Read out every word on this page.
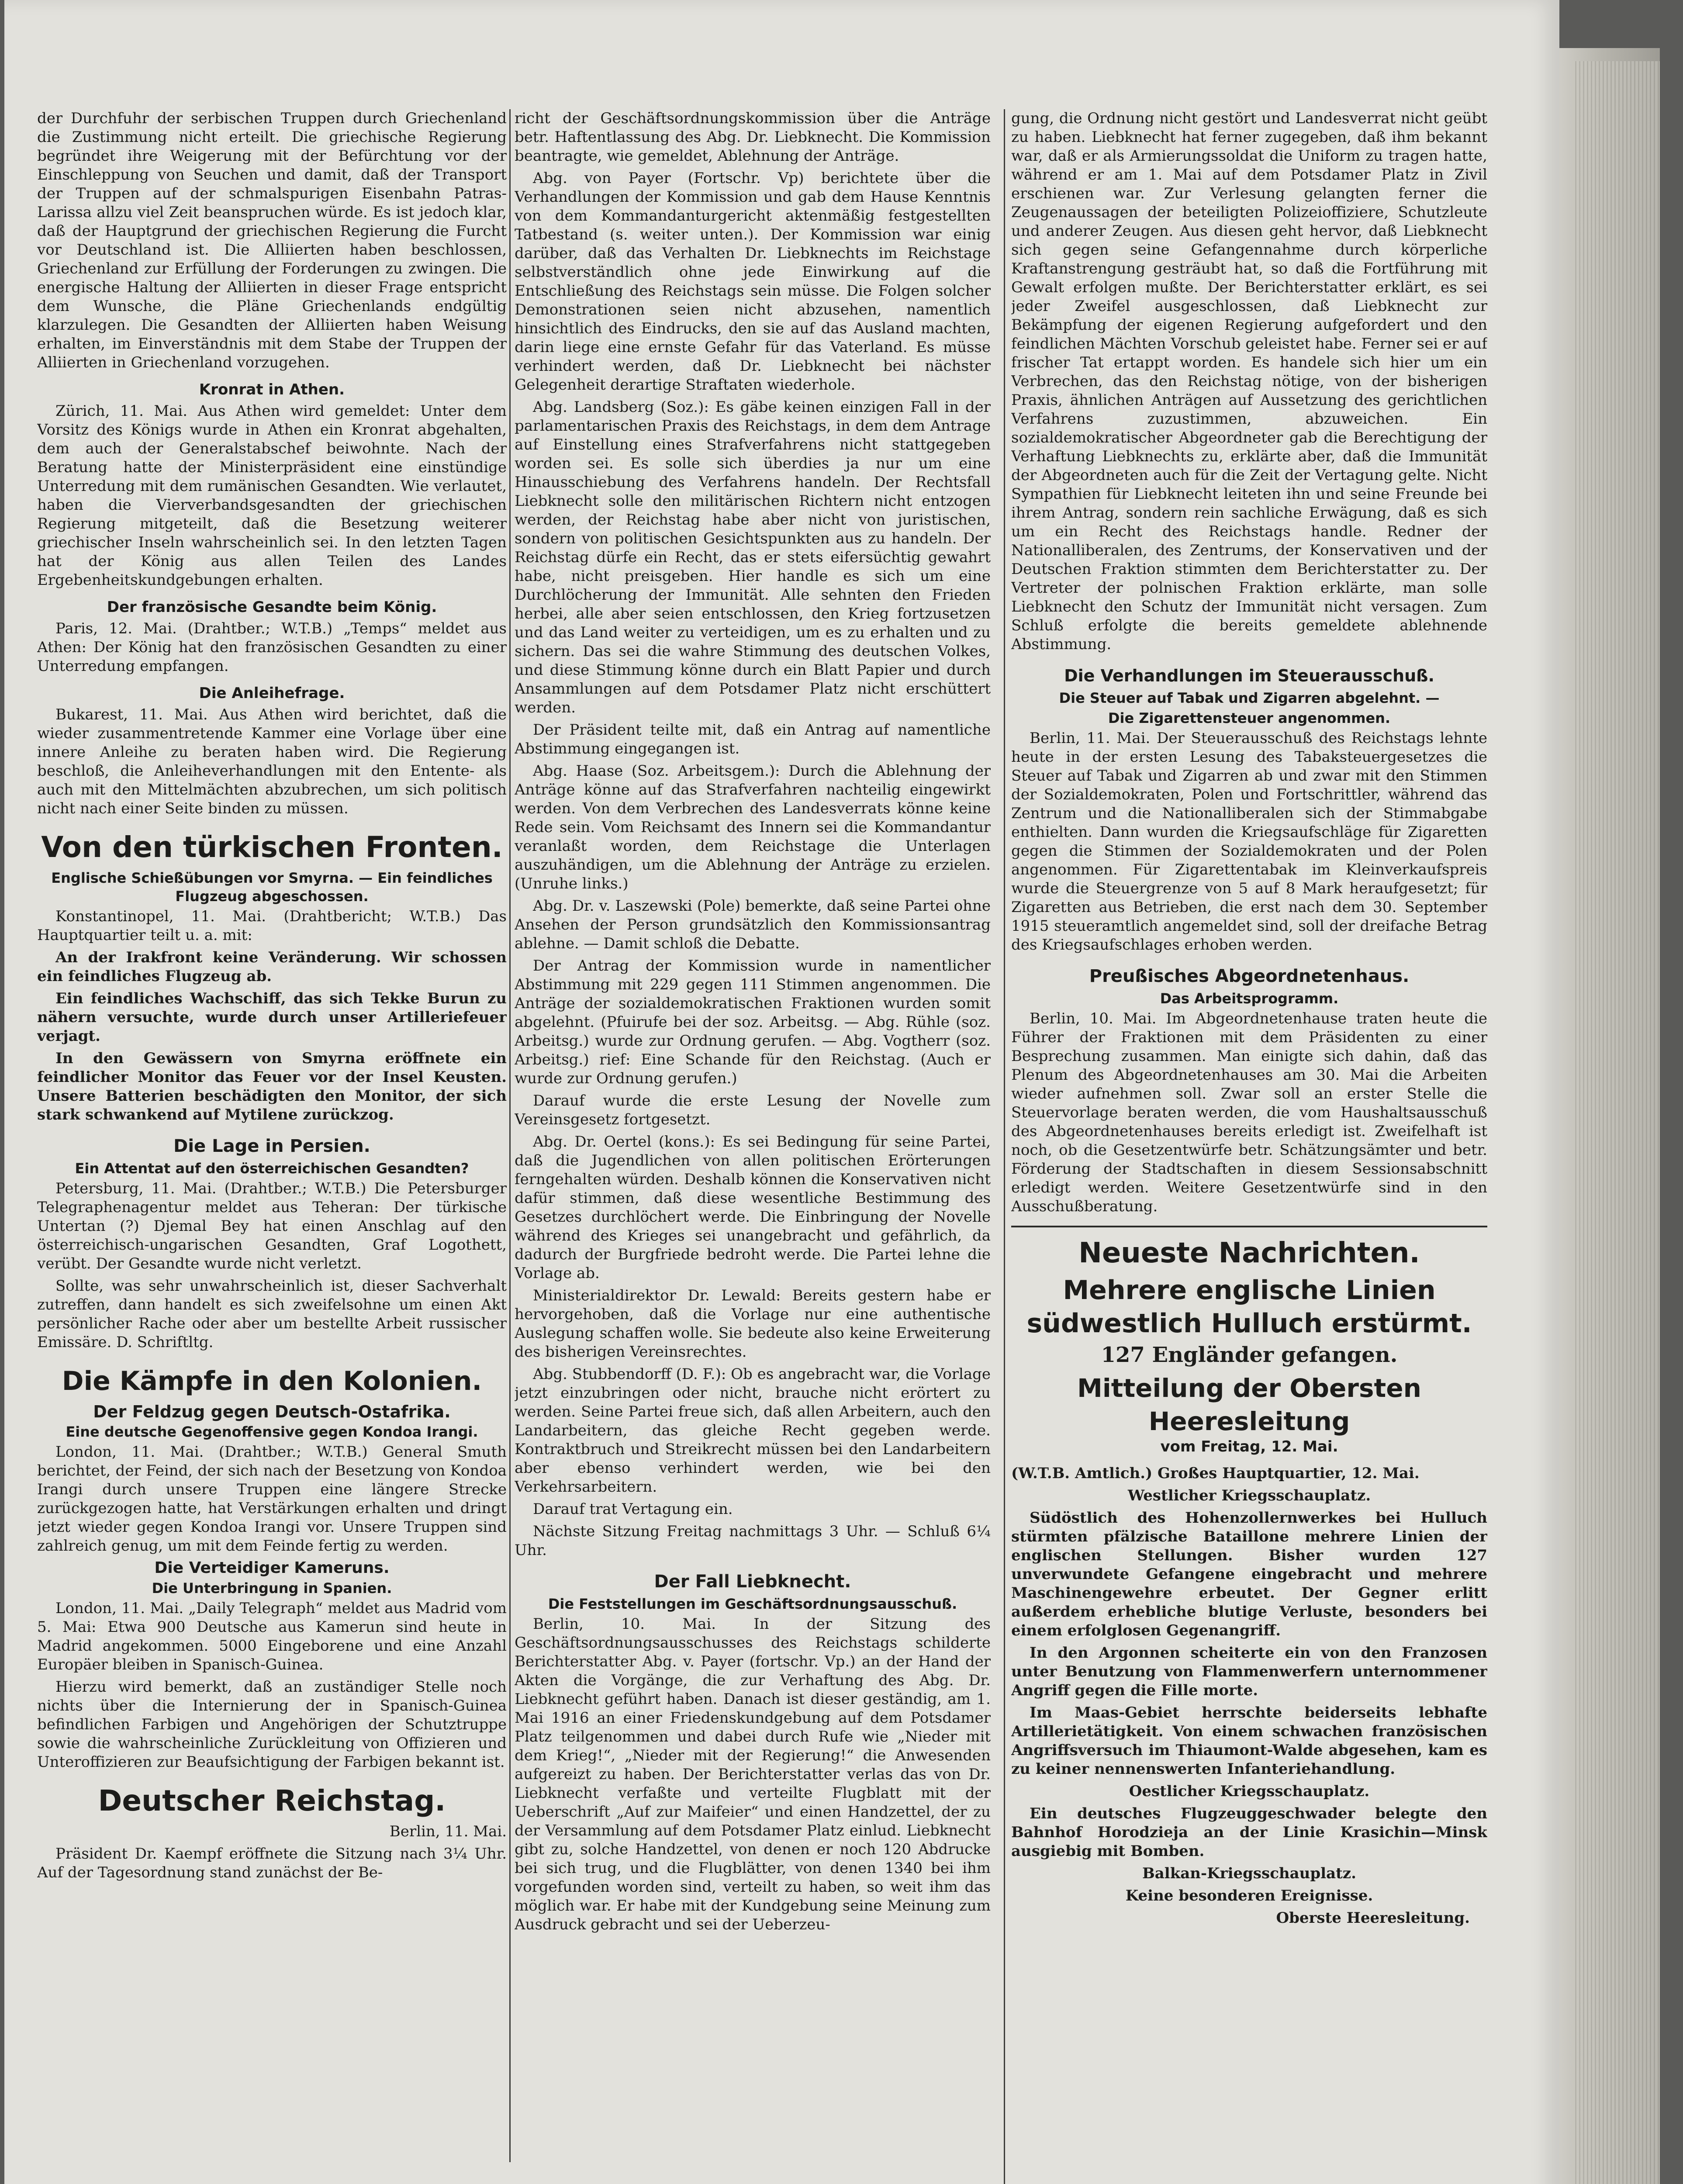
der Durchfuhr der serbischen Truppen durch Griechenland die Zustimmung nicht erteilt. Die griechische Regierung begründet ihre Weigerung mit der Befürchtung vor der Einschleppung von Seuchen und damit, daß der Transport der Truppen auf der schmalspurigen Eisenbahn Patras-Larissa allzu viel Zeit beanspruchen würde. Es ist jedoch klar, daß der Hauptgrund der griechischen Regierung die Furcht vor Deutschland ist. Die Alliierten haben beschlossen, Griechenland zur Erfüllung der Forderungen zu zwingen. Die energische Haltung der Alliierten in dieser Frage entspricht dem Wunsche, die Pläne Griechenlands endgültig klarzulegen. Die Gesandten der Alliierten haben Weisung erhalten, im Einverständnis mit dem Stabe der Truppen der Alliierten in Griechenland vorzugehen.

Kronrat in Athen.

Zürich, 11. Mai. Aus Athen wird gemeldet: Unter dem Vorsitz des Königs wurde in Athen ein Kronrat abgehalten, dem auch der Generalstabschef beiwohnte. Nach der Beratung hatte der Ministerpräsident eine einstündige Unterredung mit dem rumänischen Gesandten. Wie verlautet, haben die Vierverbandsgesandten der griechischen Regierung mitgeteilt, daß die Besetzung weiterer griechischer Inseln wahrscheinlich sei. In den letzten Tagen hat der König aus allen Teilen des Landes Ergebenheitskundgebungen erhalten.

Der französische Gesandte beim König.

Paris, 12. Mai. (Drahtber.; W.T.B.) „Temps“ meldet aus Athen: Der König hat den französischen Gesandten zu einer Unterredung empfangen.

Die Anleihefrage.

Bukarest, 11. Mai. Aus Athen wird berichtet, daß die wieder zusammentretende Kammer eine Vorlage über eine innere Anleihe zu beraten haben wird. Die Regierung beschloß, die Anleiheverhandlungen mit den Entente- als auch mit den Mittelmächten abzubrechen, um sich politisch nicht nach einer Seite binden zu müssen.

Von den türkischen Fronten.
Englische Schießübungen vor Smyrna. — Ein feindliches Flugzeug abgeschossen.

Konstantinopel, 11. Mai. (Drahtbericht; W.T.B.) Das Hauptquartier teilt u. a. mit:

An der Irakfront keine Veränderung. Wir schossen ein feindliches Flugzeug ab.

Ein feindliches Wachschiff, das sich Tekke Burun zu nähern versuchte, wurde durch unser Artilleriefeuer verjagt.

In den Gewässern von Smyrna eröffnete ein feindlicher Monitor das Feuer vor der Insel Keusten. Unsere Batterien beschädigten den Monitor, der sich stark schwankend auf Mytilene zurückzog.

Die Lage in Persien.
Ein Attentat auf den österreichischen Gesandten?

Petersburg, 11. Mai. (Drahtber.; W.T.B.) Die Petersburger Telegraphenagentur meldet aus Teheran: Der türkische Untertan (?) Djemal Bey hat einen Anschlag auf den österreichisch-ungarischen Gesandten, Graf Logothett, verübt. Der Gesandte wurde nicht verletzt.

Sollte, was sehr unwahrscheinlich ist, dieser Sachverhalt zutreffen, dann handelt es sich zweifelsohne um einen Akt persönlicher Rache oder aber um bestellte Arbeit russischer Emissäre. D. Schriftltg.

Die Kämpfe in den Kolonien.
Der Feldzug gegen Deutsch-Ostafrika.
Eine deutsche Gegenoffensive gegen Kondoa Irangi.

London, 11. Mai. (Drahtber.; W.T.B.) General Smuth berichtet, der Feind, der sich nach der Besetzung von Kondoa Irangi durch unsere Truppen eine längere Strecke zurückgezogen hatte, hat Verstärkungen erhalten und dringt jetzt wieder gegen Kondoa Irangi vor. Unsere Truppen sind zahlreich genug, um mit dem Feinde fertig zu werden.

Die Verteidiger Kameruns.
Die Unterbringung in Spanien.

London, 11. Mai. „Daily Telegraph“ meldet aus Madrid vom 5. Mai: Etwa 900 Deutsche aus Kamerun sind heute in Madrid angekommen. 5000 Eingeborene und eine Anzahl Europäer bleiben in Spanisch-Guinea.

Hierzu wird bemerkt, daß an zuständiger Stelle noch nichts über die Internierung der in Spanisch-Guinea befindlichen Farbigen und Angehörigen der Schutztruppe sowie die wahrscheinliche Zurückleitung von Offizieren und Unteroffizieren zur Beaufsichtigung der Farbigen bekannt ist.

Deutscher Reichstag.

Berlin, 11. Mai.

Präsident Dr. Kaempf eröffnete die Sitzung nach 3¼ Uhr. Auf der Tagesordnung stand zunächst der Be-

richt der Geschäftsordnungskommission über die Anträge betr. Haftentlassung des Abg. Dr. Liebknecht. Die Kommission beantragte, wie gemeldet, Ablehnung der Anträge.

Abg. von Payer (Fortschr. Vp) berichtete über die Verhandlungen der Kommission und gab dem Hause Kenntnis von dem Kommandanturgericht aktenmäßig festgestellten Tatbestand (s. weiter unten.). Der Kommission war einig darüber, daß das Verhalten Dr. Liebknechts im Reichstage selbstverständlich ohne jede Einwirkung auf die Entschließung des Reichstags sein müsse. Die Folgen solcher Demonstrationen seien nicht abzusehen, namentlich hinsichtlich des Eindrucks, den sie auf das Ausland machten, darin liege eine ernste Gefahr für das Vaterland. Es müsse verhindert werden, daß Dr. Liebknecht bei nächster Gelegenheit derartige Straftaten wiederhole.

Abg. Landsberg (Soz.): Es gäbe keinen einzigen Fall in der parlamentarischen Praxis des Reichstags, in dem dem Antrage auf Einstellung eines Strafverfahrens nicht stattgegeben worden sei. Es solle sich überdies ja nur um eine Hinausschiebung des Verfahrens handeln. Der Rechtsfall Liebknecht solle den militärischen Richtern nicht entzogen werden, der Reichstag habe aber nicht von juristischen, sondern von politischen Gesichtspunkten aus zu handeln. Der Reichstag dürfe ein Recht, das er stets eifersüchtig gewahrt habe, nicht preisgeben. Hier handle es sich um eine Durchlöcherung der Immunität. Alle sehnten den Frieden herbei, alle aber seien entschlossen, den Krieg fortzusetzen und das Land weiter zu verteidigen, um es zu erhalten und zu sichern. Das sei die wahre Stimmung des deutschen Volkes, und diese Stimmung könne durch ein Blatt Papier und durch Ansammlungen auf dem Potsdamer Platz nicht erschüttert werden.

Der Präsident teilte mit, daß ein Antrag auf namentliche Abstimmung eingegangen ist.

Abg. Haase (Soz. Arbeitsgem.): Durch die Ablehnung der Anträge könne auf das Strafverfahren nachteilig eingewirkt werden. Von dem Verbrechen des Landesverrats könne keine Rede sein. Vom Reichsamt des Innern sei die Kommandantur veranlaßt worden, dem Reichstage die Unterlagen auszuhändigen, um die Ablehnung der Anträge zu erzielen. (Unruhe links.)

Abg. Dr. v. Laszewski (Pole) bemerkte, daß seine Partei ohne Ansehen der Person grundsätzlich den Kommissionsantrag ablehne. — Damit schloß die Debatte.

Der Antrag der Kommission wurde in namentlicher Abstimmung mit 229 gegen 111 Stimmen angenommen. Die Anträge der sozialdemokratischen Fraktionen wurden somit abgelehnt. (Pfuirufe bei der soz. Arbeitsg. — Abg. Rühle (soz. Arbeitsg.) wurde zur Ordnung gerufen. — Abg. Vogtherr (soz. Arbeitsg.) rief: Eine Schande für den Reichstag. (Auch er wurde zur Ordnung gerufen.)

Darauf wurde die erste Lesung der Novelle zum Vereinsgesetz fortgesetzt.

Abg. Dr. Oertel (kons.): Es sei Bedingung für seine Partei, daß die Jugendlichen von allen politischen Erörterungen ferngehalten würden. Deshalb können die Konservativen nicht dafür stimmen, daß diese wesentliche Bestimmung des Gesetzes durchlöchert werde. Die Einbringung der Novelle während des Krieges sei unangebracht und gefährlich, da dadurch der Burgfriede bedroht werde. Die Partei lehne die Vorlage ab.

Ministerialdirektor Dr. Lewald: Bereits gestern habe er hervorgehoben, daß die Vorlage nur eine authentische Auslegung schaffen wolle. Sie bedeute also keine Erweiterung des bisherigen Vereinsrechtes.

Abg. Stubbendorff (D. F.): Ob es angebracht war, die Vorlage jetzt einzubringen oder nicht, brauche nicht erörtert zu werden. Seine Partei freue sich, daß allen Arbeitern, auch den Landarbeitern, das gleiche Recht gegeben werde. Kontraktbruch und Streikrecht müssen bei den Landarbeitern aber ebenso verhindert werden, wie bei den Verkehrsarbeitern.

Darauf trat Vertagung ein.

Nächste Sitzung Freitag nachmittags 3 Uhr. — Schluß 6¼ Uhr.

Der Fall Liebknecht.
Die Feststellungen im Geschäftsordnungsausschuß.

Berlin, 10. Mai. In der Sitzung des Geschäftsordnungsausschusses des Reichstags schilderte Berichterstatter Abg. v. Payer (fortschr. Vp.) an der Hand der Akten die Vorgänge, die zur Verhaftung des Abg. Dr. Liebknecht geführt haben. Danach ist dieser geständig, am 1. Mai 1916 an einer Friedenskundgebung auf dem Potsdamer Platz teilgenommen und dabei durch Rufe wie „Nieder mit dem Krieg!“, „Nieder mit der Regierung!“ die Anwesenden aufgereizt zu haben. Der Berichterstatter verlas das von Dr. Liebknecht verfaßte und verteilte Flugblatt mit der Ueberschrift „Auf zur Maifeier“ und einen Handzettel, der zu der Versammlung auf dem Potsdamer Platz einlud. Liebknecht gibt zu, solche Handzettel, von denen er noch 120 Abdrucke bei sich trug, und die Flugblätter, von denen 1340 bei ihm vorgefunden worden sind, verteilt zu haben, so weit ihm das möglich war. Er habe mit der Kundgebung seine Meinung zum Ausdruck gebracht und sei der Ueberzeu-

gung, die Ordnung nicht gestört und Landesverrat nicht geübt zu haben. Liebknecht hat ferner zugegeben, daß ihm bekannt war, daß er als Armierungssoldat die Uniform zu tragen hatte, während er am 1. Mai auf dem Potsdamer Platz in Zivil erschienen war. Zur Verlesung gelangten ferner die Zeugenaussagen der beteiligten Polizeioffiziere, Schutzleute und anderer Zeugen. Aus diesen geht hervor, daß Liebknecht sich gegen seine Gefangennahme durch körperliche Kraftanstrengung gesträubt hat, so daß die Fortführung mit Gewalt erfolgen mußte. Der Berichterstatter erklärt, es sei jeder Zweifel ausgeschlossen, daß Liebknecht zur Bekämpfung der eigenen Regierung aufgefordert und den feindlichen Mächten Vorschub geleistet habe. Ferner sei er auf frischer Tat ertappt worden. Es handele sich hier um ein Verbrechen, das den Reichstag nötige, von der bisherigen Praxis, ähnlichen Anträgen auf Aussetzung des gerichtlichen Verfahrens zuzustimmen, abzuweichen. Ein sozialdemokratischer Abgeordneter gab die Berechtigung der Verhaftung Liebknechts zu, erklärte aber, daß die Immunität der Abgeordneten auch für die Zeit der Vertagung gelte. Nicht Sympathien für Liebknecht leiteten ihn und seine Freunde bei ihrem Antrag, sondern rein sachliche Erwägung, daß es sich um ein Recht des Reichstags handle. Redner der Nationalliberalen, des Zentrums, der Konservativen und der Deutschen Fraktion stimmten dem Berichterstatter zu. Der Vertreter der polnischen Fraktion erklärte, man solle Liebknecht den Schutz der Immunität nicht versagen. Zum Schluß erfolgte die bereits gemeldete ablehnende Abstimmung.

Die Verhandlungen im Steuerausschuß.
Die Steuer auf Tabak und Zigarren abgelehnt. —
Die Zigarettensteuer angenommen.

Berlin, 11. Mai. Der Steuerausschuß des Reichstags lehnte heute in der ersten Lesung des Tabaksteuergesetzes die Steuer auf Tabak und Zigarren ab und zwar mit den Stimmen der Sozialdemokraten, Polen und Fortschrittler, während das Zentrum und die Nationalliberalen sich der Stimmabgabe enthielten. Dann wurden die Kriegsaufschläge für Zigaretten gegen die Stimmen der Sozialdemokraten und der Polen angenommen. Für Zigarettentabak im Kleinverkaufspreis wurde die Steuergrenze von 5 auf 8 Mark heraufgesetzt; für Zigaretten aus Betrieben, die erst nach dem 30. September 1915 steueramtlich angemeldet sind, soll der dreifache Betrag des Kriegsaufschlages erhoben werden.

Preußisches Abgeordnetenhaus.
Das Arbeitsprogramm.

Berlin, 10. Mai. Im Abgeordnetenhause traten heute die Führer der Fraktionen mit dem Präsidenten zu einer Besprechung zusammen. Man einigte sich dahin, daß das Plenum des Abgeordnetenhauses am 30. Mai die Arbeiten wieder aufnehmen soll. Zwar soll an erster Stelle die Steuervorlage beraten werden, die vom Haushaltsausschuß des Abgeordnetenhauses bereits erledigt ist. Zweifelhaft ist noch, ob die Gesetzentwürfe betr. Schätzungsämter und betr. Förderung der Stadtschaften in diesem Sessionsabschnitt erledigt werden. Weitere Gesetzentwürfe sind in den Ausschußberatung.

Neueste Nachrichten.
Mehrere englische Linien südwestlich Hulluch erstürmt.
127 Engländer gefangen.
Mitteilung der Obersten Heeresleitung
vom Freitag, 12. Mai.

(W.T.B. Amtlich.) Großes Hauptquartier, 12. Mai.

Westlicher Kriegsschauplatz.

Südöstlich des Hohenzollernwerkes bei Hulluch stürmten pfälzische Bataillone mehrere Linien der englischen Stellungen. Bisher wurden 127 unverwundete Gefangene eingebracht und mehrere Maschinengewehre erbeutet. Der Gegner erlitt außerdem erhebliche blutige Verluste, besonders bei einem erfolglosen Gegenangriff.

In den Argonnen scheiterte ein von den Franzosen unter Benutzung von Flammenwerfern unternommener Angriff gegen die Fille morte.

Im Maas-Gebiet herrschte beiderseits lebhafte Artillerietätigkeit. Von einem schwachen französischen Angriffsversuch im Thiaumont-Walde abgesehen, kam es zu keiner nennenswerten Infanteriehandlung.

Oestlicher Kriegsschauplatz.

Ein deutsches Flugzeuggeschwader belegte den Bahnhof Horodzieja an der Linie Krasichin—Minsk ausgiebig mit Bomben.

Balkan-Kriegsschauplatz.

Keine besonderen Ereignisse.

Oberste Heeresleitung.
